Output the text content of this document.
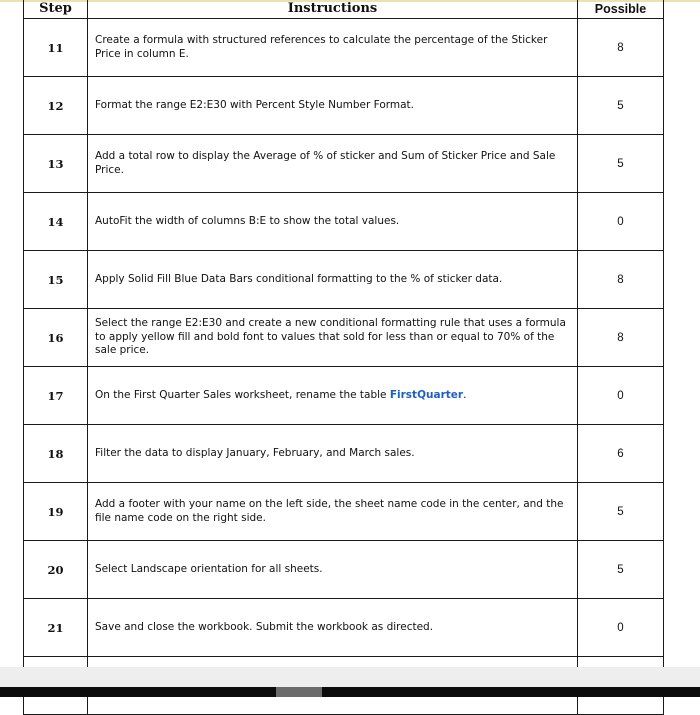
Step	Instructions	Possible
11	Create a formula with structured references to calculate the percentage of the Sticker Price in column E.	8
12	Format the range E2:E30 with Percent Style Number Format.	5
13	Add a total row to display the Average of % of sticker and Sum of Sticker Price and Sale Price.	5
14	AutoFit the width of columns B:E to show the total values.	0
15	Apply Solid Fill Blue Data Bars conditional formatting to the % of sticker data.	8
16	Select the range E2:E30 and create a new conditional formatting rule that uses a formula to apply yellow fill and bold font to values that sold for less than or equal to 70% of the sale price.	8
17	On the First Quarter Sales worksheet, rename the table FirstQuarter.	0
18	Filter the data to display January, February, and March sales.	6
19	Add a footer with your name on the left side, the sheet name code in the center, and the file name code on the right side.	5
20	Select Landscape orientation for all sheets.	5
21	Save and close the workbook. Submit the workbook as directed.	0
